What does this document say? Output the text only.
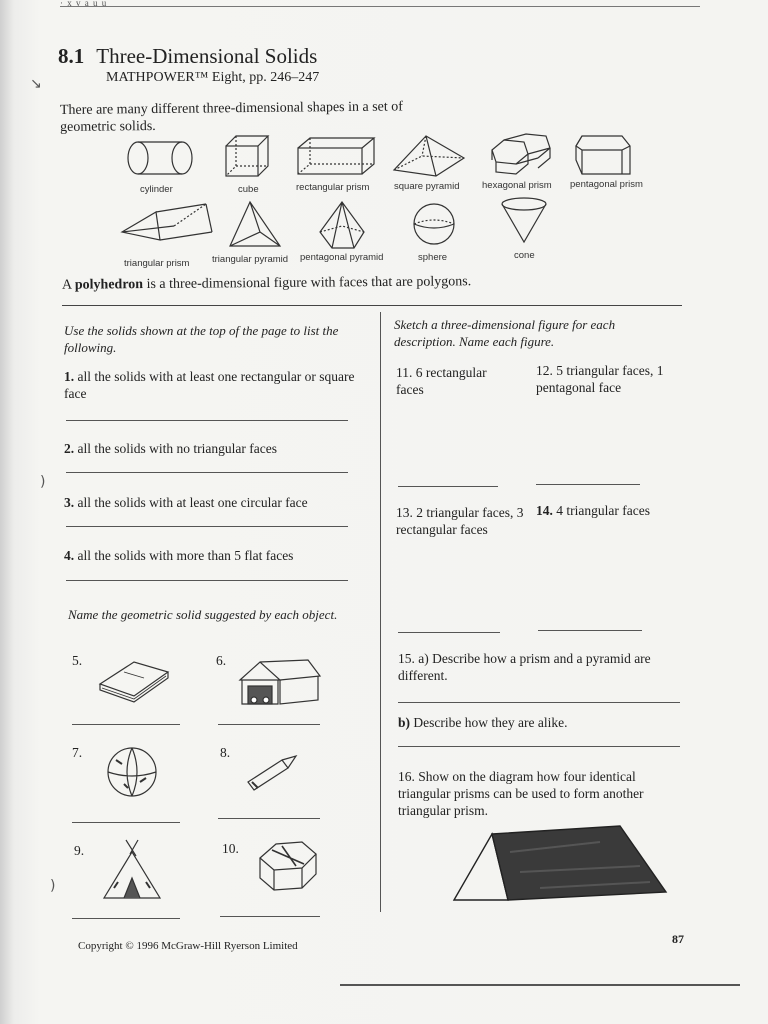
· x v a u u
8.1 Three-Dimensional Solids
MATHPOWER™ Eight, pp. 246–247
There are many different three-dimensional shapes in a set of geometric solids.
cylinder	cube	rectangular prism	square pyramid hexagonal prism pentagonal prism
triangular prism triangular pyramid pentagonal pyramid	sphere	cone
A polyhedron is a three-dimensional figure with faces that are polygons.
Use the solids shown at the top of the page to list the following.
1. all the solids with at least one rectangular or square face
2. all the solids with no triangular faces
3. all the solids with at least one circular face
4. all the solids with more than 5 flat faces
Name the geometric solid suggested by each object.
5.	6.
7.	8.
9.	10.
Sketch a three-dimensional figure for each description. Name each figure.
11. 6 rectangular faces
12. 5 triangular faces, 1 pentagonal face
13. 2 triangular faces, 3 rectangular faces
14. 4 triangular faces
15. a) Describe how a prism and a pyramid are different.
b) Describe how they are alike.
16. Show on the diagram how four identical triangular prisms can be used to form another triangular prism.
Copyright © 1996 McGraw-Hill Ryerson Limited	87
↘
)
)
